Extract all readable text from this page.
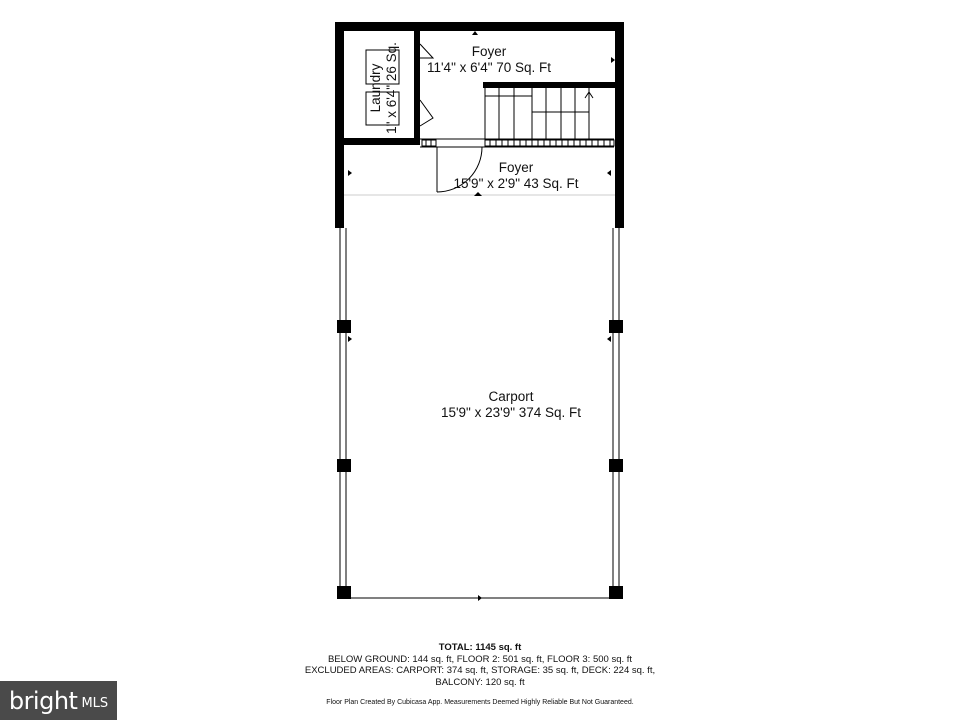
Foyer
11'4" x 6'4" 70 Sq. Ft
Foyer
15'9" x 2'9" 43 Sq. Ft
Laundry 1" x 6'4" 26 Sq.
Carport
15'9" x 23'9" 374 Sq. Ft
TOTAL: 1145 sq. ft
BELOW GROUND: 144 sq. ft, FLOOR 2: 501 sq. ft, FLOOR 3: 500 sq. ft
EXCLUDED AREAS: CARPORT: 374 sq. ft, STORAGE: 35 sq. ft, DECK: 224 sq. ft,
BALCONY: 120 sq. ft
Floor Plan Created By Cubicasa App. Measurements Deemed Highly Reliable But Not Guaranteed.
bright MLS
